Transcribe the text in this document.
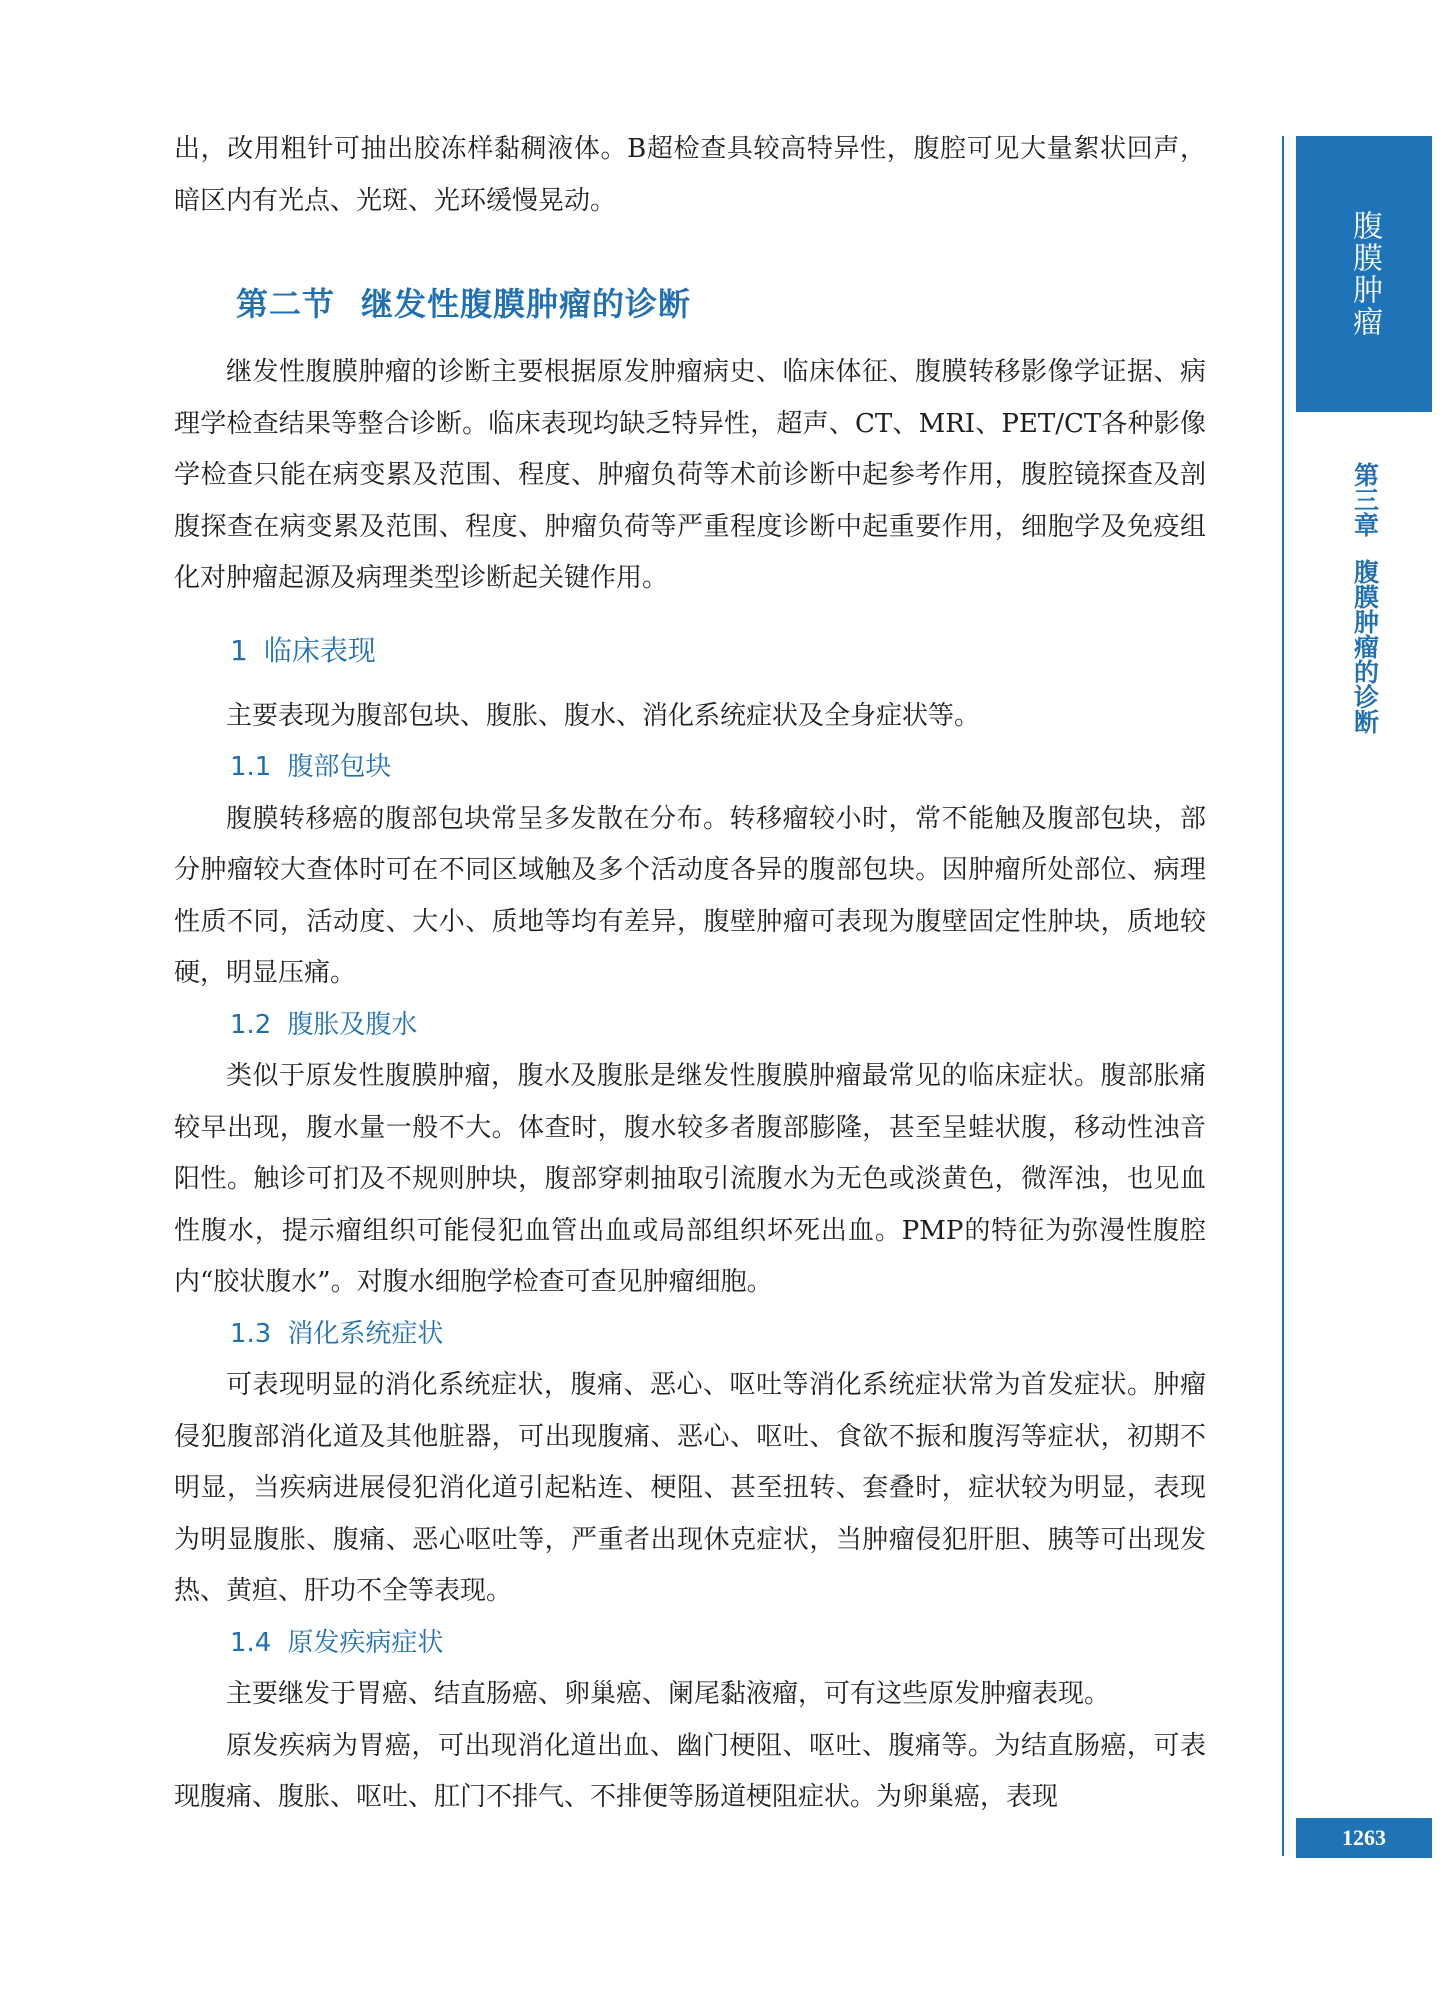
出，改用粗针可抽出胶冻样黏稠液体。B超检查具较高特异性，腹腔可见大量絮状回声，暗区内有光点、光斑、光环缓慢晃动。

第二节 继发性腹膜肿瘤的诊断

继发性腹膜肿瘤的诊断主要根据原发肿瘤病史、临床体征、腹膜转移影像学证据、病理学检查结果等整合诊断。临床表现均缺乏特异性，超声、CT、MRI、PET/CT各种影像学检查只能在病变累及范围、程度、肿瘤负荷等术前诊断中起参考作用，腹腔镜探查及剖腹探查在病变累及范围、程度、肿瘤负荷等严重程度诊断中起重要作用，细胞学及免疫组化对肿瘤起源及病理类型诊断起关键作用。

1 临床表现

主要表现为腹部包块、腹胀、腹水、消化系统症状及全身症状等。

1.1 腹部包块

腹膜转移癌的腹部包块常呈多发散在分布。转移瘤较小时，常不能触及腹部包块，部分肿瘤较大查体时可在不同区域触及多个活动度各异的腹部包块。因肿瘤所处部位、病理性质不同，活动度、大小、质地等均有差异，腹壁肿瘤可表现为腹壁固定性肿块，质地较硬，明显压痛。

1.2 腹胀及腹水

类似于原发性腹膜肿瘤，腹水及腹胀是继发性腹膜肿瘤最常见的临床症状。腹部胀痛较早出现，腹水量一般不大。体查时，腹水较多者腹部膨隆，甚至呈蛙状腹，移动性浊音阳性。触诊可扪及不规则肿块，腹部穿刺抽取引流腹水为无色或淡黄色，微浑浊，也见血性腹水，提示瘤组织可能侵犯血管出血或局部组织坏死出血。PMP的特征为弥漫性腹腔内“胶状腹水”。对腹水细胞学检查可查见肿瘤细胞。

1.3 消化系统症状

可表现明显的消化系统症状，腹痛、恶心、呕吐等消化系统症状常为首发症状。肿瘤侵犯腹部消化道及其他脏器，可出现腹痛、恶心、呕吐、食欲不振和腹泻等症状，初期不明显，当疾病进展侵犯消化道引起粘连、梗阻、甚至扭转、套叠时，症状较为明显，表现为明显腹胀、腹痛、恶心呕吐等，严重者出现休克症状，当肿瘤侵犯肝胆、胰等可出现发热、黄疸、肝功不全等表现。

1.4 原发疾病症状

主要继发于胃癌、结直肠癌、卵巢癌、阑尾黏液瘤，可有这些原发肿瘤表现。

原发疾病为胃癌，可出现消化道出血、幽门梗阻、呕吐、腹痛等。为结直肠癌，可表现腹痛、腹胀、呕吐、肛门不排气、不排便等肠道梗阻症状。为卵巢癌，表现

腹膜肿瘤
第三章
腹膜肿瘤的诊断
1263
